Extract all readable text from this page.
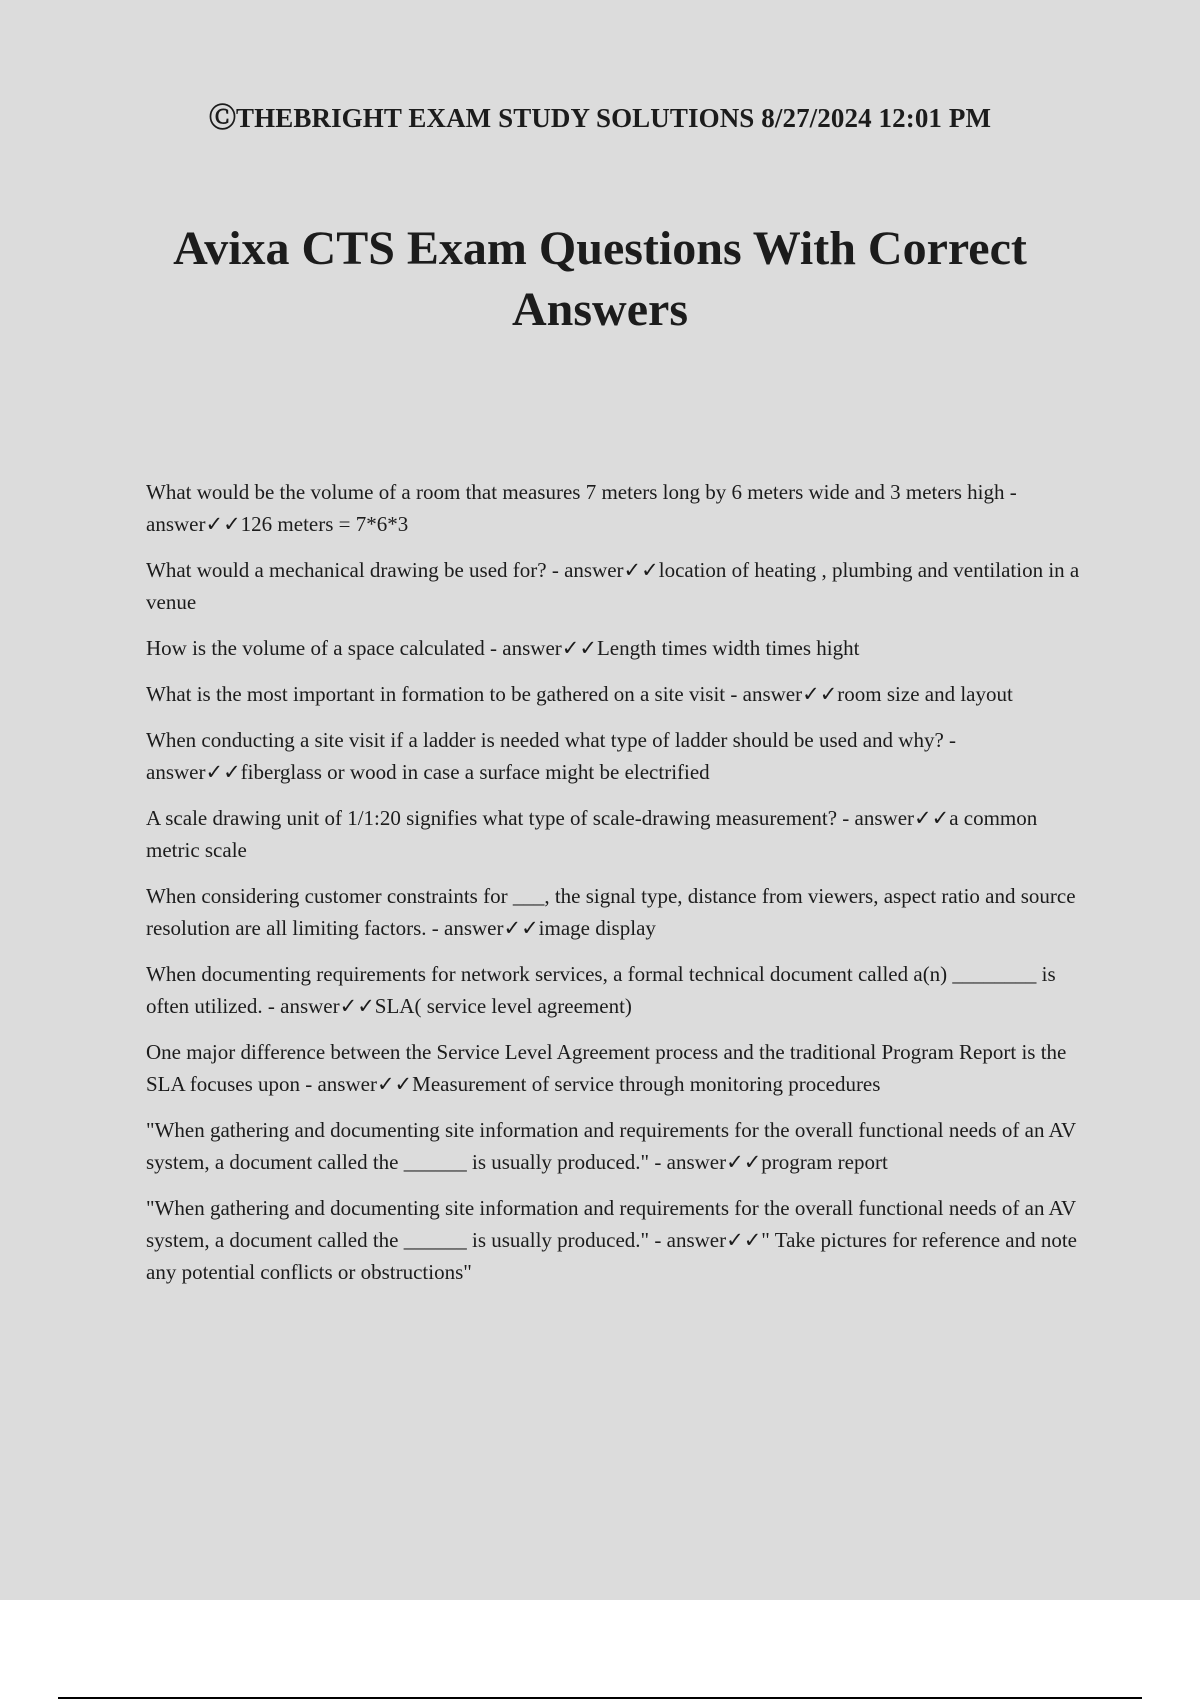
ⒸTHEBRIGHT EXAM STUDY SOLUTIONS 8/27/2024 12:01 PM
Avixa CTS Exam Questions With Correct Answers

What would be the volume of a room that measures 7 meters long by 6 meters wide and 3 meters high - answer✓✓126 meters = 7*6*3

What would a mechanical drawing be used for? - answer✓✓location of heating , plumbing and ventilation in a venue

How is the volume of a space calculated - answer✓✓Length times width times hight

What is the most important in formation to be gathered on a site visit - answer✓✓room size and layout

When conducting a site visit if a ladder is needed what type of ladder should be used and why? - answer✓✓fiberglass or wood in case a surface might be electrified

A scale drawing unit of 1/1:20 signifies what type of scale-drawing measurement? - answer✓✓a common metric scale

When considering customer constraints for ___, the signal type, distance from viewers, aspect ratio and source resolution are all limiting factors. - answer✓✓image display

When documenting requirements for network services, a formal technical document called a(n) ________ is often utilized. - answer✓✓SLA( service level agreement)

One major difference between the Service Level Agreement process and the traditional Program Report is the SLA focuses upon - answer✓✓Measurement of service through monitoring procedures

"When gathering and documenting site information and requirements for the overall functional needs of an AV system, a document called the ______ is usually produced." - answer✓✓program report

"When gathering and documenting site information and requirements for the overall functional needs of an AV system, a document called the ______ is usually produced." - answer✓✓" Take pictures for reference and note any potential conflicts or obstructions"
